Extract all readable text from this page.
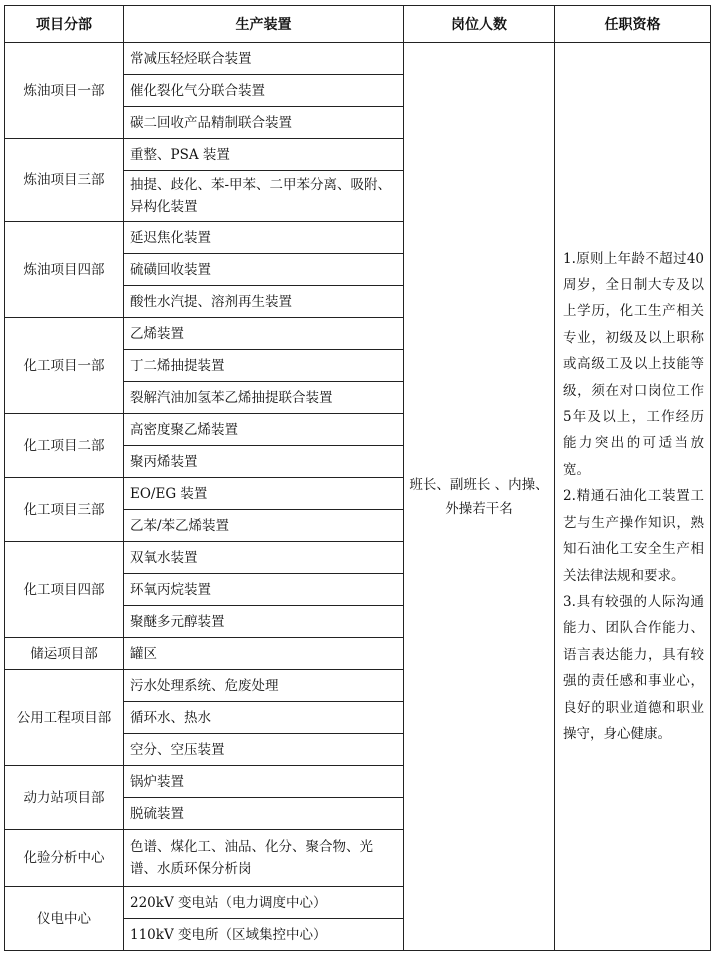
项目分部	生产装置	岗位人数	任职资格
炼油项目一部	常减压轻烃联合装置	班长、副班长 、内操、外操若干名	1.原则上年龄不超过40周岁，全日制大专及以上学历，化工生产相关专业，初级及以上职称或高级工及以上技能等级，须在对口岗位工作5年及以上，工作经历能力突出的可适当放宽。
2.精通石油化工装置工艺与生产操作知识，熟知石油化工安全生产相关法律法规和要求。
3.具有较强的人际沟通能力、团队合作能力、语言表达能力，具有较强的责任感和事业心，良好的职业道德和职业操守，身心健康。

	催化裂化气分联合装置		
	碳二回收产品精制联合装置		
炼油项目三部	重整、PSA 装置		
	抽提、歧化、苯-甲苯、二甲苯分离、吸附、异构化装置		
炼油项目四部	延迟焦化装置		
	硫磺回收装置		
	酸性水汽提、溶剂再生装置		
化工项目一部	乙烯装置		
	丁二烯抽提装置		
	裂解汽油加氢苯乙烯抽提联合装置		
化工项目二部	高密度聚乙烯装置		
	聚丙烯装置		
化工项目三部	EO/EG 装置		
	乙苯/苯乙烯装置		
化工项目四部	双氧水装置		
	环氧丙烷装置		
	聚醚多元醇装置		
储运项目部	罐区		
公用工程项目部	污水处理系统、危废处理		
	循环水、热水		
	空分、空压装置		
动力站项目部	锅炉装置		
	脱硫装置		
化验分析中心	色谱、煤化工、油品、化分、聚合物、光谱、水质环保分析岗		
仪电中心	220kV 变电站（电力调度中心）		
	110kV 变电所（区域集控中心）		
